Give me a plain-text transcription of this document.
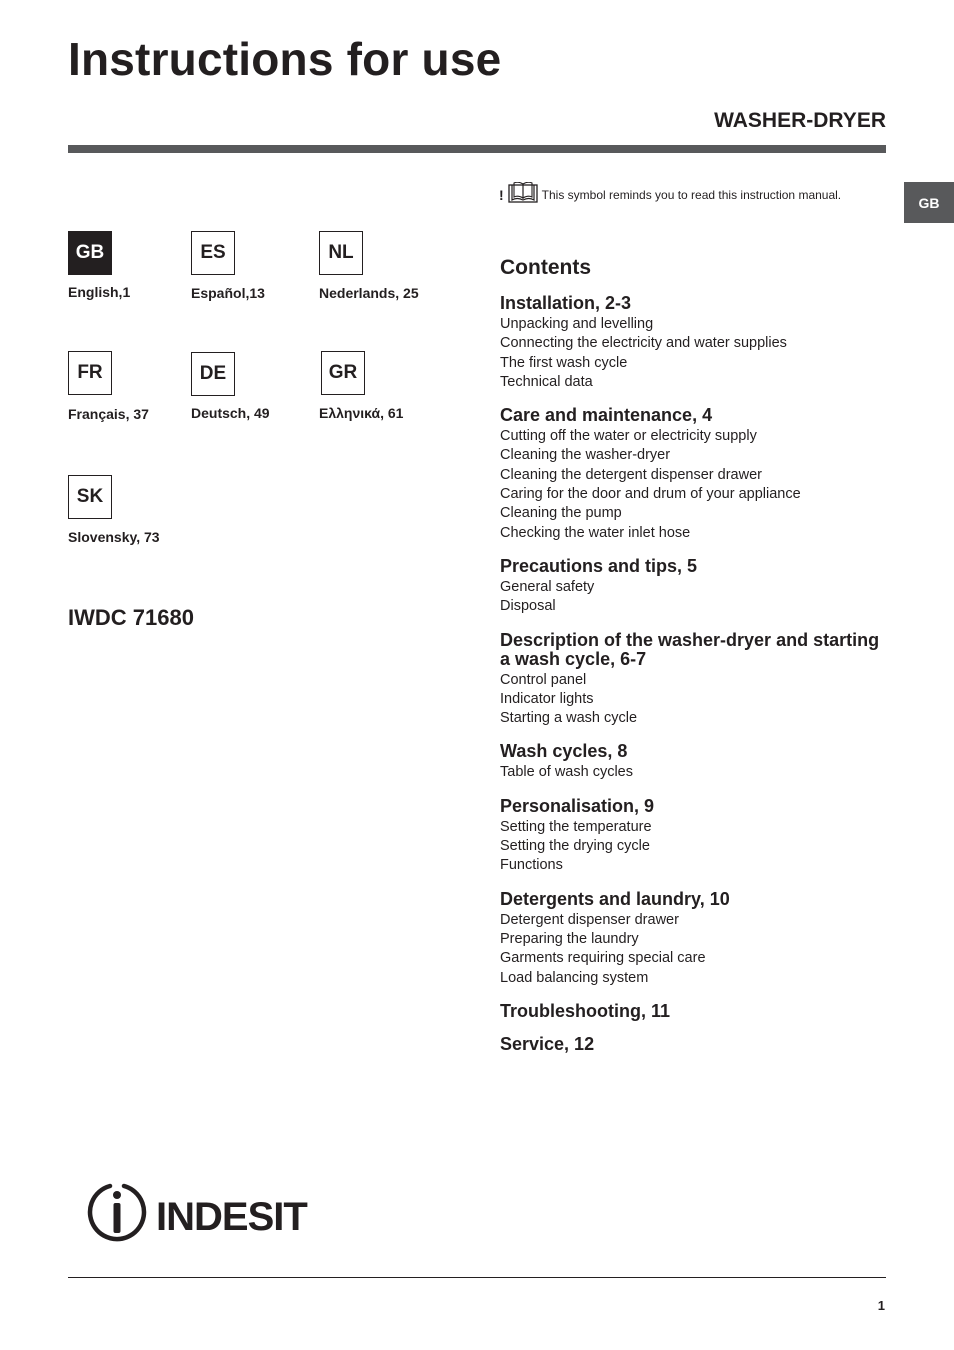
Instructions for use
WASHER-DRYER
GB
!	This symbol reminds you to read this instruction manual.
GB
English,1
ES
Español,13
NL
Nederlands, 25
FR
Français, 37
DE
Deutsch, 49
GR
Ελληνικά, 61
SK
Slovensky, 73
IWDC 71680
Contents
Installation, 2-3
Unpacking and levelling
Connecting the electricity and water supplies
The first wash cycle
Technical data
Care and maintenance, 4
Cutting off the water or electricity supply
Cleaning the washer-dryer
Cleaning the detergent dispenser drawer
Caring for the door and drum of your appliance
Cleaning the pump
Checking the water inlet hose
Precautions and tips, 5
General safety
Disposal
Description of the washer-dryer and starting a wash cycle, 6-7
Control panel
Indicator lights
Starting a wash cycle
Wash cycles, 8
Table of wash cycles
Personalisation, 9
Setting the temperature
Setting the drying cycle
Functions
Detergents and laundry, 10
Detergent dispenser drawer
Preparing the laundry
Garments requiring special care
Load balancing system
Troubleshooting, 11
Service, 12
INDESIT
1
